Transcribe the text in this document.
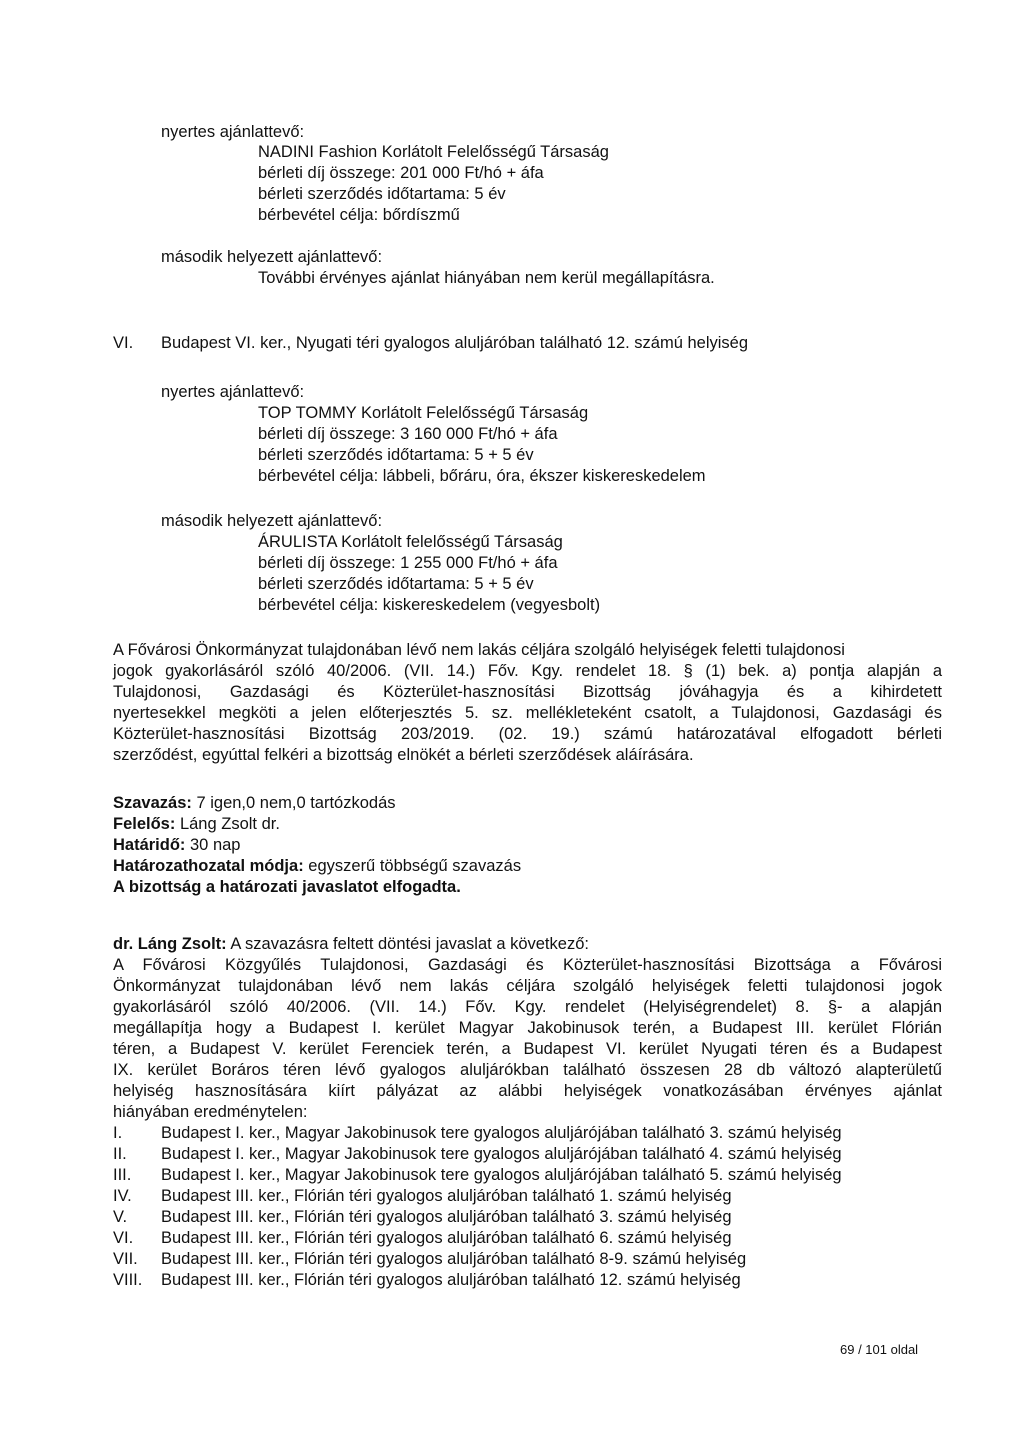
nyertes ajánlattevő:
NADINI Fashion Korlátolt Felelősségű Társaság
bérleti díj összege: 201 000 Ft/hó + áfa
bérleti szerződés időtartama: 5 év
bérbevétel célja: bőrdíszmű
második helyezett ajánlattevő:
További érvényes ajánlat hiányában nem kerül megállapításra.
VI. Budapest VI. ker., Nyugati téri gyalogos aluljáróban található 12. számú helyiség
nyertes ajánlattevő:
TOP TOMMY Korlátolt Felelősségű Társaság
bérleti díj összege: 3 160 000 Ft/hó + áfa
bérleti szerződés időtartama: 5 + 5 év
bérbevétel célja: lábbeli, bőráru, óra, ékszer kiskereskedelem
második helyezett ajánlattevő:
ÁRULISTA Korlátolt felelősségű Társaság
bérleti díj összege: 1 255 000 Ft/hó + áfa
bérleti szerződés időtartama: 5 + 5 év
bérbevétel célja: kiskereskedelem (vegyesbolt)
A Fővárosi Önkormányzat tulajdonában lévő nem lakás céljára szolgáló helyiségek feletti tulajdonosi
jogok gyakorlásáról szóló 40/2006. (VII. 14.) Főv. Kgy. rendelet 18. § (1) bek. a) pontja alapján a
Tulajdonosi, Gazdasági és Közterület-hasznosítási Bizottság jóváhagyja és a kihirdetett
nyertesekkel megköti a jelen előterjesztés 5. sz. mellékleteként csatolt, a Tulajdonosi, Gazdasági és
Közterület-hasznosítási Bizottság 203/2019. (02. 19.) számú határozatával elfogadott bérleti
szerződést, egyúttal felkéri a bizottság elnökét a bérleti szerződések aláírására.
Szavazás: 7 igen,0 nem,0 tartózkodás
Felelős: Láng Zsolt dr.
Határidő: 30 nap
Határozathozatal módja: egyszerű többségű szavazás
A bizottság a határozati javaslatot elfogadta.
dr. Láng Zsolt: A szavazásra feltett döntési javaslat a következő:
A Fővárosi Közgyűlés Tulajdonosi, Gazdasági és Közterület-hasznosítási Bizottsága a Fővárosi
Önkormányzat tulajdonában lévő nem lakás céljára szolgáló helyiségek feletti tulajdonosi jogok
gyakorlásáról szóló 40/2006. (VII. 14.) Főv. Kgy. rendelet (Helyiségrendelet) 8. §- a alapján
megállapítja hogy a Budapest I. kerület Magyar Jakobinusok terén, a Budapest III. kerület Flórián
téren, a Budapest V. kerület Ferenciek terén, a Budapest VI. kerület Nyugati téren és a Budapest
IX. kerület Boráros téren lévő gyalogos aluljárókban található összesen 28 db változó alapterületű
helyiség hasznosítására kiírt pályázat az alábbi helyiségek vonatkozásában érvényes ajánlat
hiányában eredménytelen:
I. Budapest I. ker., Magyar Jakobinusok tere gyalogos aluljárójában található 3. számú helyiség
II. Budapest I. ker., Magyar Jakobinusok tere gyalogos aluljárójában található 4. számú helyiség
III. Budapest I. ker., Magyar Jakobinusok tere gyalogos aluljárójában található 5. számú helyiség
IV. Budapest III. ker., Flórián téri gyalogos aluljáróban található 1. számú helyiség
V. Budapest III. ker., Flórián téri gyalogos aluljáróban található 3. számú helyiség
VI. Budapest III. ker., Flórián téri gyalogos aluljáróban található 6. számú helyiség
VII. Budapest III. ker., Flórián téri gyalogos aluljáróban található 8-9. számú helyiség
VIII. Budapest III. ker., Flórián téri gyalogos aluljáróban található 12. számú helyiség
69 / 101 oldal
